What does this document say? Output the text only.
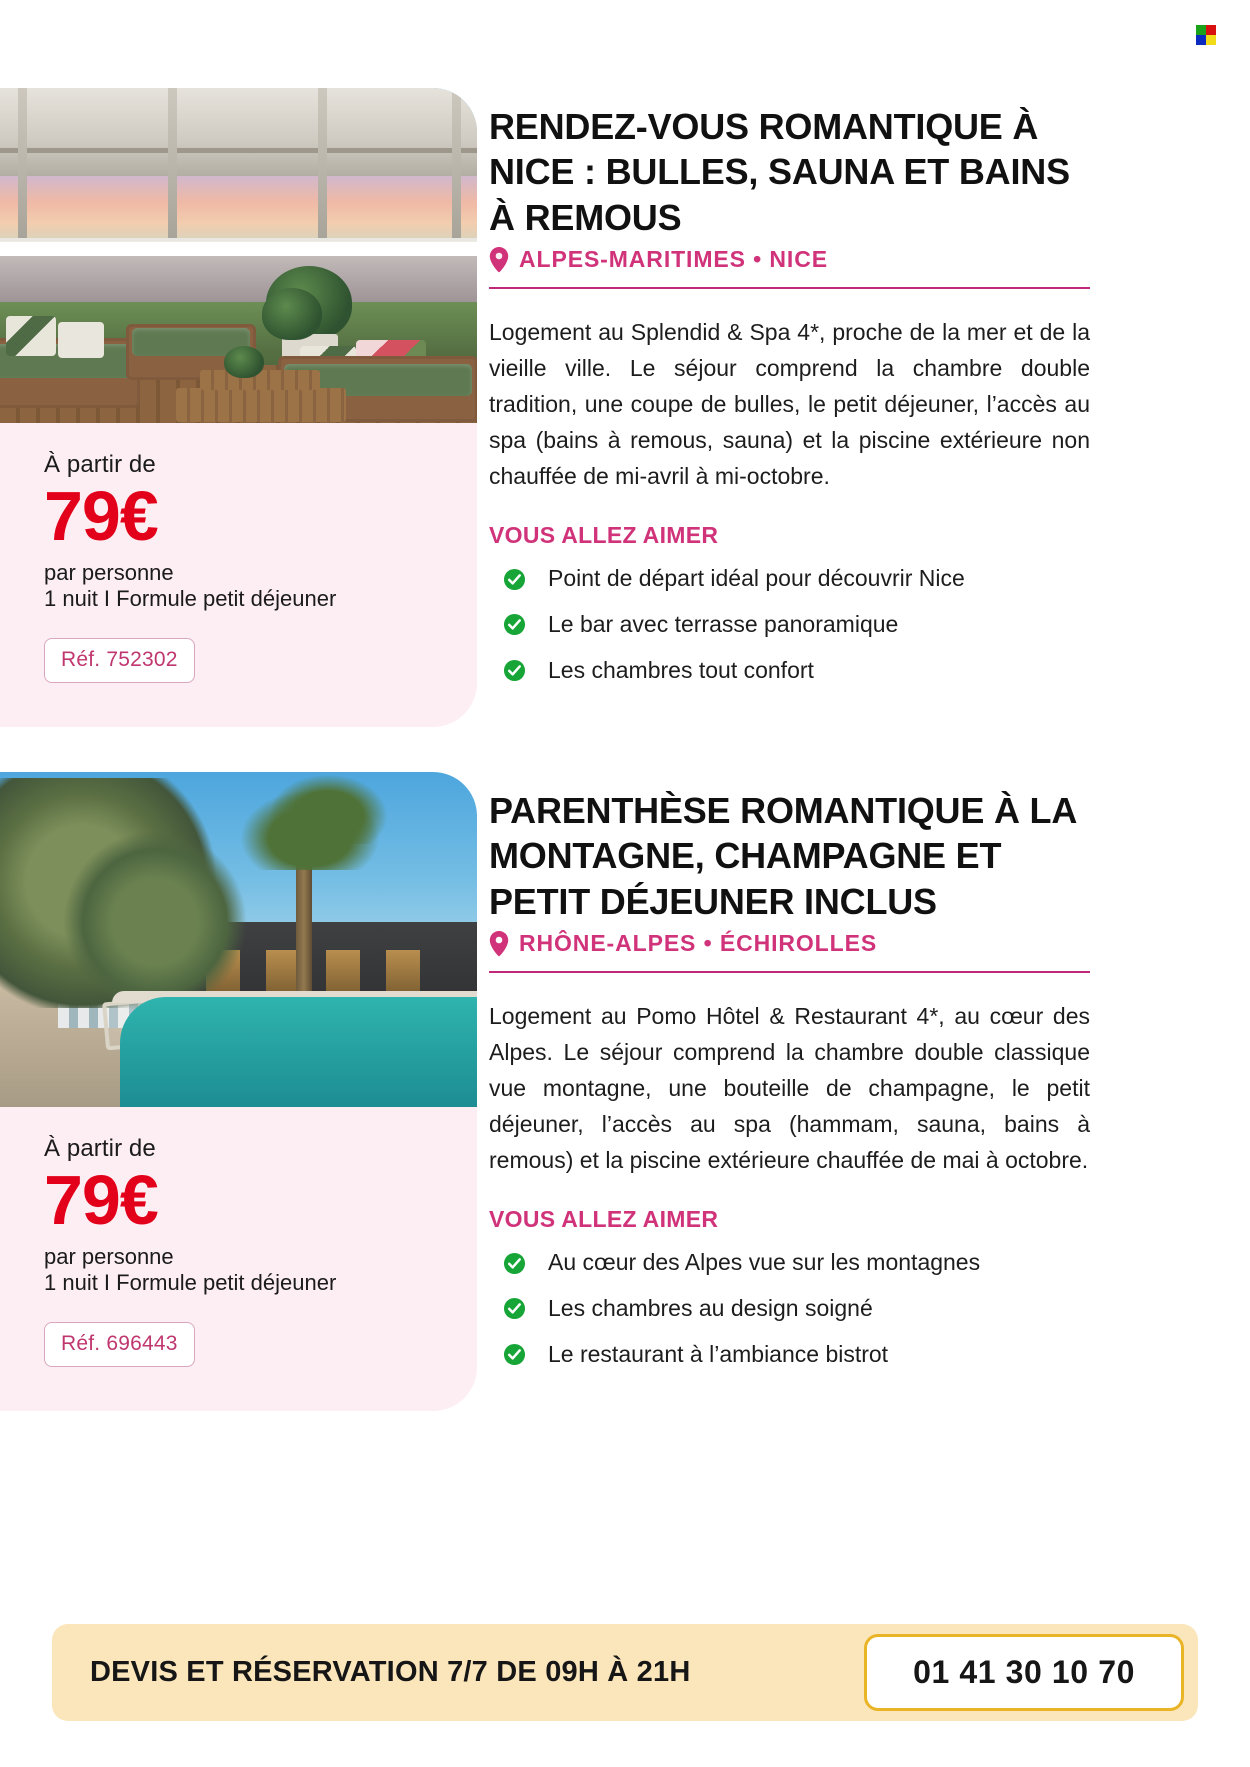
À partir de

79€

par personne

1 nuit I Formule petit déjeuner

Réf. 752302
RENDEZ-VOUS ROMANTIQUE À NICE : BULLES, SAUNA ET BAINS À REMOUS
ALPES-MARITIMES • NICE

Logement au Splendid & Spa 4*, proche de la mer et de la vieille ville. Le séjour comprend la chambre double tradition, une coupe de bulles, le petit déjeuner, l’accès au spa (bains à remous, sauna) et la piscine extérieure non chauffée de mi-avril à mi-octobre.

VOUS ALLEZ AIMER

Point de départ idéal pour découvrir Nice
Le bar avec terrasse panoramique
Les chambres tout confort

À partir de

79€

par personne

1 nuit I Formule petit déjeuner

Réf. 696443
PARENTHÈSE ROMANTIQUE À LA MONTAGNE, CHAMPAGNE ET PETIT DÉJEUNER INCLUS
RHÔNE-ALPES • ÉCHIROLLES

Logement au Pomo Hôtel & Restaurant 4*, au cœur des Alpes. Le séjour comprend la chambre double classique vue montagne, une bouteille de champagne, le petit déjeuner, l’accès au spa (hammam, sauna, bains à remous) et la piscine extérieure chauffée de mai à octobre.

VOUS ALLEZ AIMER

Au cœur des Alpes vue sur les montagnes
Les chambres au design soigné
Le restaurant à l’ambiance bistrot
DEVIS ET RÉSERVATION 7/7 DE 09H À 21H	01 41 30 10 70
